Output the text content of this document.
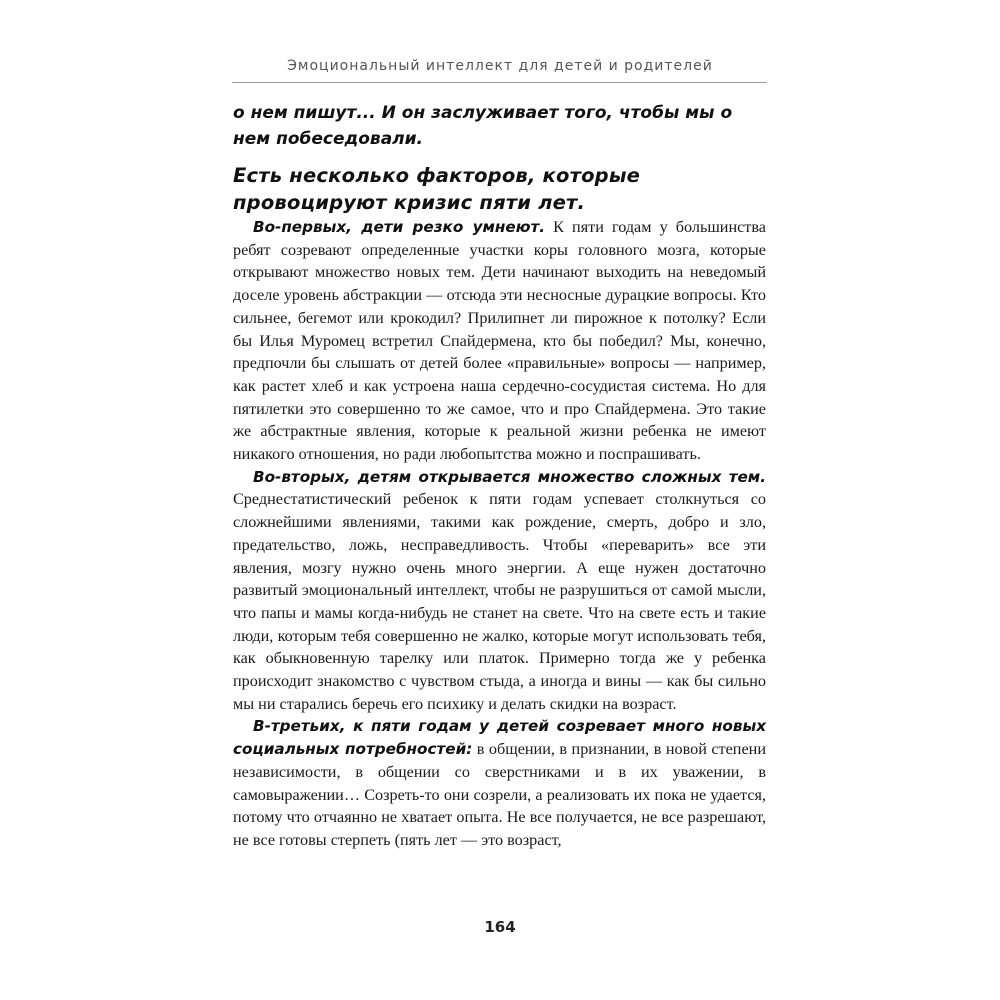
Эмоциональный интеллект для детей и родителей

о нем пишут... И он заслуживает того, чтобы мы о нем побеседовали.

Есть несколько факторов, которые провоцируют кризис пяти лет.

Во-первых, дети резко умнеют. К пяти годам у большинства ребят созревают определенные участки коры головного мозга, которые открывают множество новых тем. Дети начинают выходить на неведомый доселе уровень абстракции — отсюда эти несносные дурацкие вопросы. Кто сильнее, бегемот или крокодил? Прилипнет ли пирожное к потолку? Если бы Илья Муромец встретил Спайдермена, кто бы победил? Мы, конечно, предпочли бы слышать от детей более «правильные» вопросы — например, как растет хлеб и как устроена наша сердечно-сосудистая система. Но для пятилетки это совершенно то же самое, что и про Спайдермена. Это такие же абстрактные явления, которые к реальной жизни ребенка не имеют никакого отношения, но ради любопытства можно и поспрашивать.

Во-вторых, детям открывается множество сложных тем. Среднестатистический ребенок к пяти годам успевает столкнуться со сложнейшими явлениями, такими как рождение, смерть, добро и зло, предательство, ложь, несправедливость. Чтобы «переварить» все эти явления, мозгу нужно очень много энергии. А еще нужен достаточно развитый эмоциональный интеллект, чтобы не разрушиться от самой мысли, что папы и мамы когда-нибудь не станет на свете. Что на свете есть и такие люди, которым тебя совершенно не жалко, которые могут использовать тебя, как обыкновенную тарелку или платок. Примерно тогда же у ребенка происходит знакомство с чувством стыда, а иногда и вины — как бы сильно мы ни старались беречь его психику и делать скидки на возраст.

В-третьих, к пяти годам у детей созревает много новых социальных потребностей: в общении, в признании, в новой степени независимости, в общении со сверстниками и в их уважении, в самовыражении… Созреть-то они созрели, а реализовать их пока не удается, потому что отчаянно не хватает опыта. Не все получается, не все разрешают, не все готовы стерпеть (пять лет — это возраст,

164
